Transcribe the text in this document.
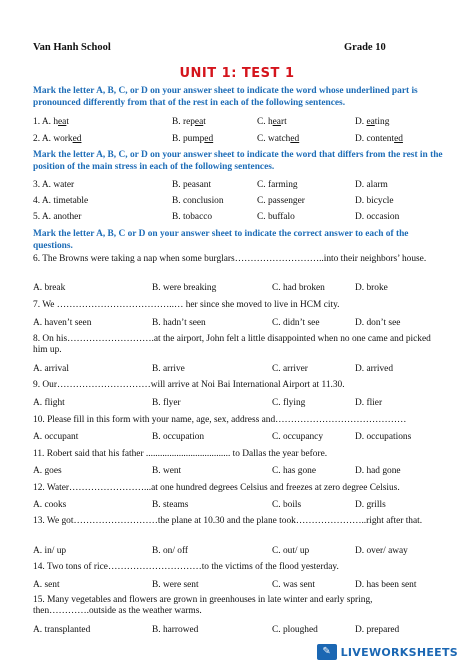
Van Hanh School	Grade 10
UNIT 1: TEST 1
Mark the letter A, B, C, or D on your answer sheet to indicate the word whose underlined part is pronounced differently from that of the rest in each of the following sentences.
1. A. heat	B. repeat	C. heart	D. eating
2. A. worked	B. pumped	C. watched	D. contented
Mark the letter A, B, C, or D on your answer sheet to indicate the word that differs from the rest in the position of the main stress in each of the following sentences.
3. A. water	B. peasant	C. farming	D. alarm
4. A. timetable	B. conclusion	C. passenger	D. bicycle
5. A. another	B. tobacco	C. buffalo	D. occasion
Mark the letter A, B, C or D on your answer sheet to indicate the correct answer to each of the questions.
6. The Browns were taking a nap when some burglars………………………..into their neighbors’ house.
A. break	B. were breaking	C. had broken	D. broke
7. We ………………………………..… her since she moved to live in HCM city.
A. haven’t seen	B. hadn’t seen	C. didn’t see	D. don’t see
8. On his……………………….at the airport, John felt a little disappointed when no one came and picked him up.
A. arrival	B. arrive	C. arriver	D. arrived
9. Our…………………………will arrive at Noi Bai International Airport at 11.30.
A. flight	B. flyer	C. flying	D. flier
10. Please fill in this form with your name, age, sex, address and……………………………………
A. occupant	B. occupation	C. occupancy	D. occupations
11. Robert said that his father .................................... to Dallas the year before.
A. goes	B. went	C. has gone	D. had gone
12. Water……………………...at one hundred degrees Celsius and freezes at zero degree Celsius.
A. cooks	B. steams	C. boils	D. grills
13. We got………………………the plane at 10.30 and the plane took…………………..right after that.
A. in/ up	B. on/ off	C. out/ up	D. over/ away
14. Two tons of rice…………………………to the victims of the flood yesterday.
A. sent	B. were sent	C. was sent	D. has been sent
15. Many vegetables and flowers are grown in greenhouses in late winter and early spring, then………….outside as the weather warms.
A. transplanted	B. harrowed	C. ploughed	D. prepared
✎ LIVEWORKSHEETS
